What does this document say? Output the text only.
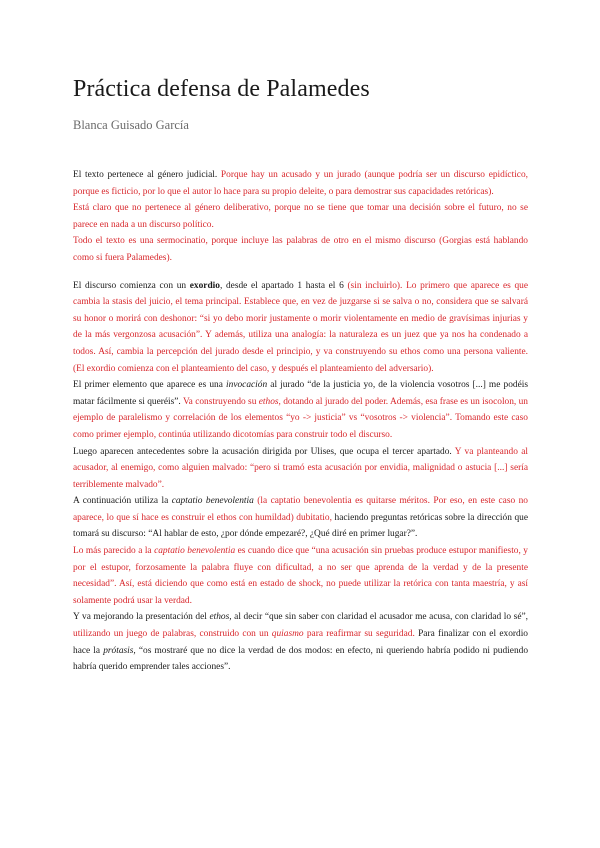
Práctica defensa de Palamedes
Blanca Guisado García

El texto pertenece al género judicial. Porque hay un acusado y un jurado (aunque podría ser un discurso epidíctico, porque es ficticio, por lo que el autor lo hace para su propio deleite, o para demostrar sus capacidades retóricas).

Está claro que no pertenece al género deliberativo, porque no se tiene que tomar una decisión sobre el futuro, no se parece en nada a un discurso político.

Todo el texto es una sermocinatio, porque incluye las palabras de otro en el mismo discurso (Gorgias está hablando como si fuera Palamedes).

El discurso comienza con un exordio, desde el apartado 1 hasta el 6 (sin incluirlo). Lo primero que aparece es que cambia la stasis del juicio, el tema principal. Establece que, en vez de juzgarse si se salva o no, considera que se salvará su honor o morirá con deshonor: “si yo debo morir justamente o morir violentamente en medio de gravísimas injurias y de la más vergonzosa acusación”. Y además, utiliza una analogía: la naturaleza es un juez que ya nos ha condenado a todos. Así, cambia la percepción del jurado desde el principio, y va construyendo su ethos como una persona valiente. (El exordio comienza con el planteamiento del caso, y después el planteamiento del adversario).

El primer elemento que aparece es una invocación al jurado “de la justicia yo, de la violencia vosotros [...] me podéis matar fácilmente si queréis”. Va construyendo su ethos, dotando al jurado del poder. Además, esa frase es un isocolon, un ejemplo de paralelismo y correlación de los elementos “yo -> justicia” vs “vosotros -> violencia”. Tomando este caso como primer ejemplo, continúa utilizando dicotomías para construir todo el discurso.

Luego aparecen antecedentes sobre la acusación dirigida por Ulises, que ocupa el tercer apartado. Y va planteando al acusador, al enemigo, como alguien malvado: “pero si tramó esta acusación por envidia, malignidad o astucia [...] sería terriblemente malvado”.

A continuación utiliza la captatio benevolentia (la captatio benevolentia es quitarse méritos. Por eso, en este caso no aparece, lo que sí hace es construir el ethos con humildad) dubitatio, haciendo preguntas retóricas sobre la dirección que tomará su discurso: “Al hablar de esto, ¿por dónde empezaré?, ¿Qué diré en primer lugar?”.

Lo más parecido a la captatio benevolentia es cuando dice que “una acusación sin pruebas produce estupor manifiesto, y por el estupor, forzosamente la palabra fluye con dificultad, a no ser que aprenda de la verdad y de la presente necesidad”. Así, está diciendo que como está en estado de shock, no puede utilizar la retórica con tanta maestría, y así solamente podrá usar la verdad.

Y va mejorando la presentación del ethos, al decir “que sin saber con claridad el acusador me acusa, con claridad lo sé”, utilizando un juego de palabras, construido con un quiasmo para reafirmar su seguridad. Para finalizar con el exordio hace la prótasis, “os mostraré que no dice la verdad de dos modos: en efecto, ni queriendo habría podido ni pudiendo habría querido emprender tales acciones”.
